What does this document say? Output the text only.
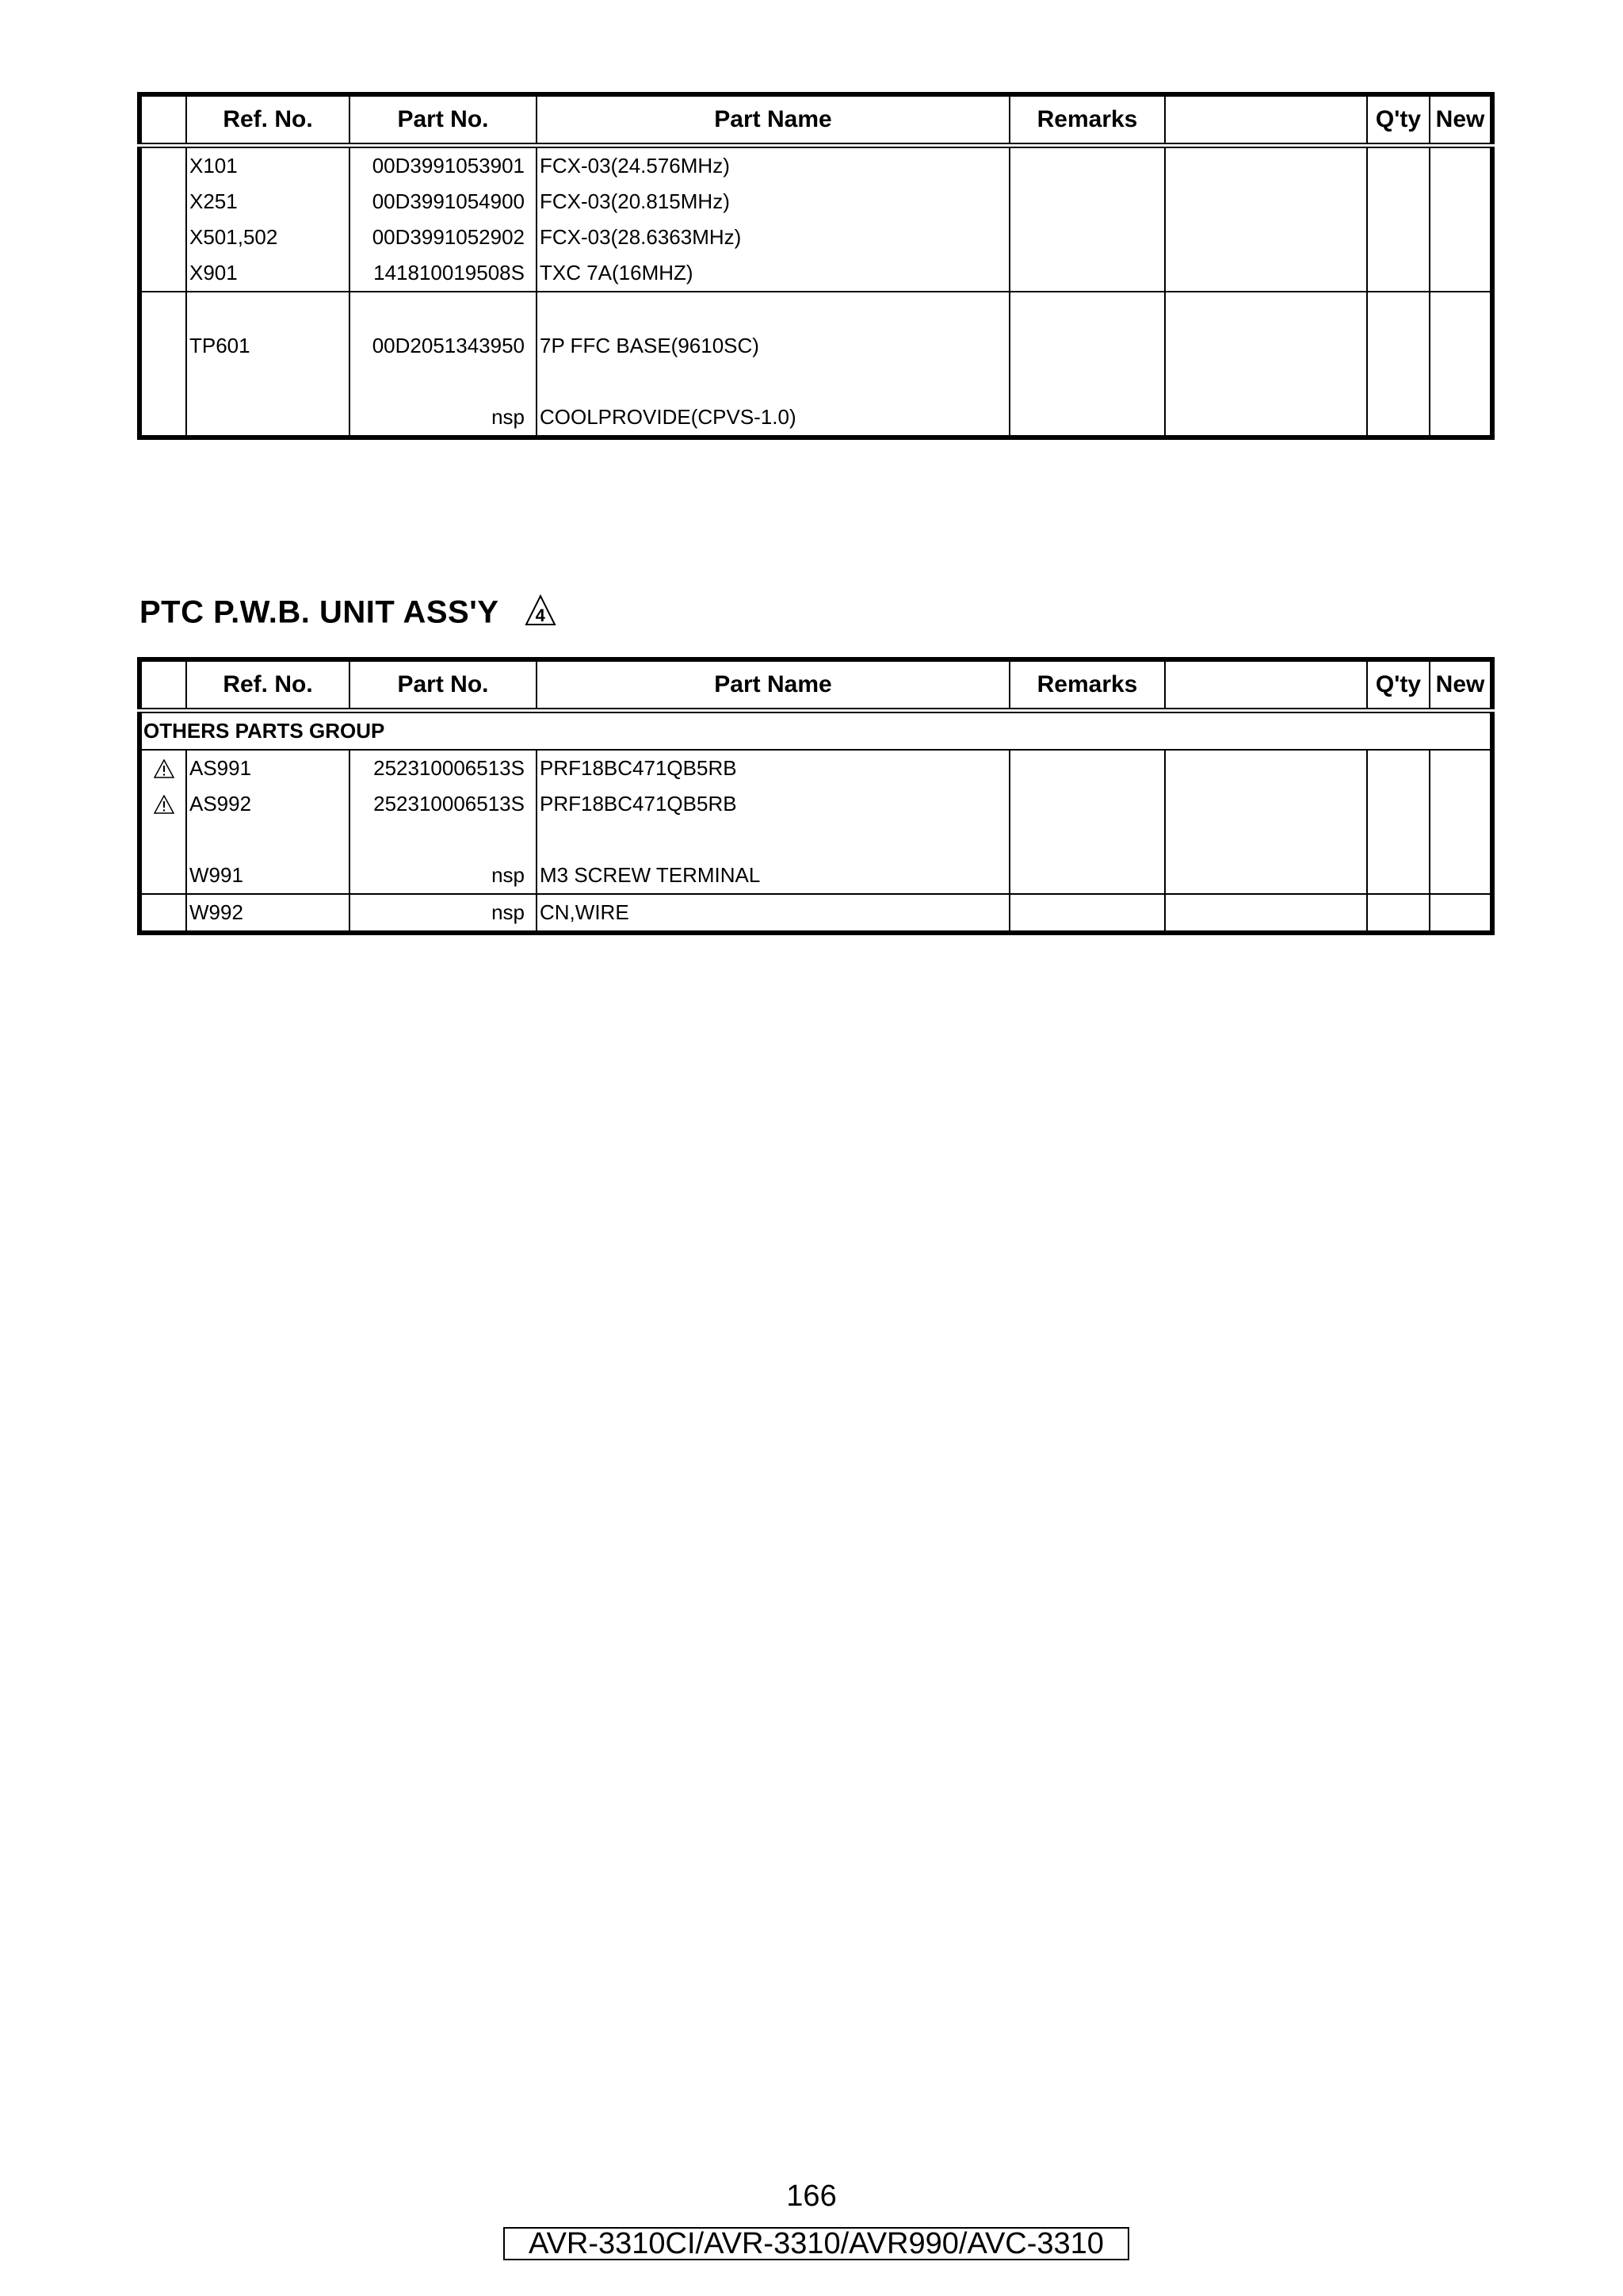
	Ref. No.	Part No.	Part Name	Remarks		Q'ty	New
	X101	00D3991053901	FCX-03(24.576MHz)				
	X251	00D3991054900	FCX-03(20.815MHz)				
	X501,502	00D3991052902	FCX-03(28.6363MHz)				
	X901	141810019508S	TXC 7A(16MHZ)				

	TP601	00D2051343950	7P FFC BASE(9610SC)				

		nsp	COOLPROVIDE(CPVS-1.0)				
PTC P.W.B. UNIT ASS'Y 4
	Ref. No.	Part No.	Part Name	Remarks		Q'ty	New
OTHERS PARTS GROUP							

	AS991	252310006513S	PRF18BC471QB5RB				

	AS992	252310006513S	PRF18BC471QB5RB				

	W991	nsp	M3 SCREW TERMINAL				
	W992	nsp	CN,WIRE				
166
AVR-3310CI/AVR-3310/AVR990/AVC-3310
